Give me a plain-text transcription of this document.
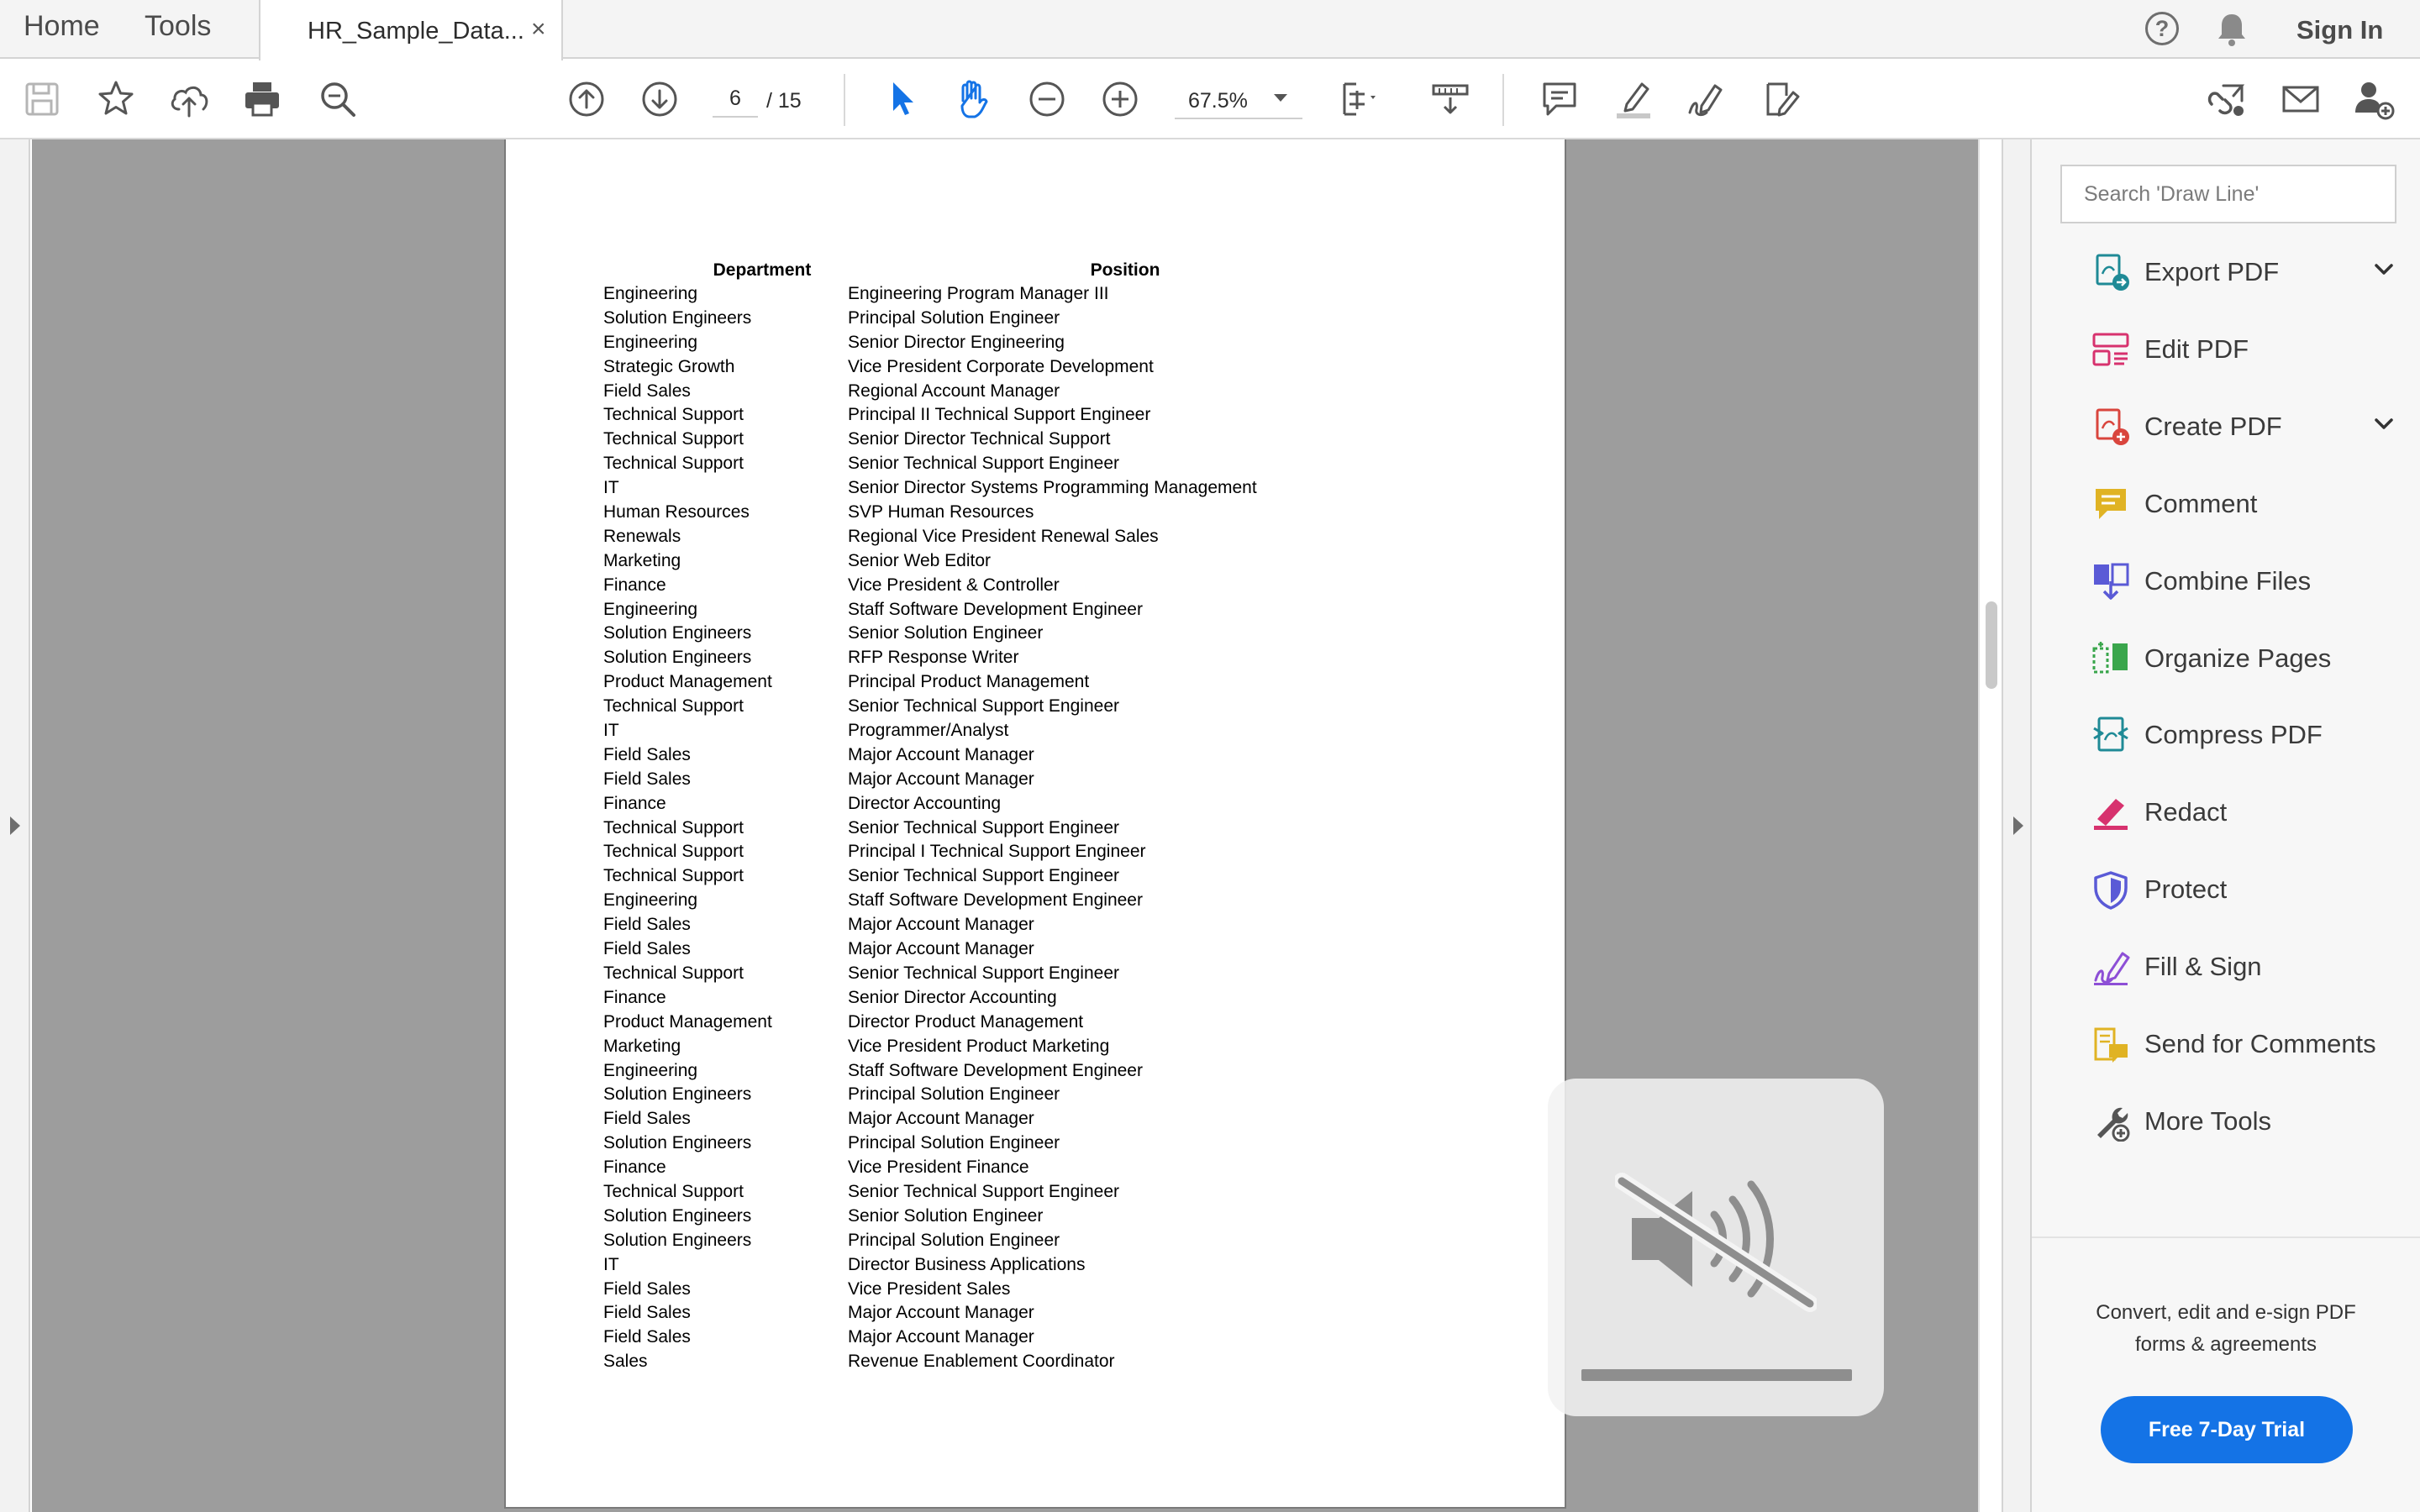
Home Tools	HR_Sample_Data... ×	?	Sign In
6
/ 15	67.5%
Department	Position
Engineering	Engineering Program Manager III
Solution Engineers	Principal Solution Engineer
Engineering	Senior Director Engineering
Strategic Growth	Vice President Corporate Development
Field Sales	Regional Account Manager
Technical Support	Principal II Technical Support Engineer
Technical Support	Senior Director Technical Support
Technical Support	Senior Technical Support Engineer
IT	Senior Director Systems Programming Management
Human Resources	SVP Human Resources
Renewals	Regional Vice President Renewal Sales
Marketing	Senior Web Editor
Finance	Vice President & Controller
Engineering	Staff Software Development Engineer
Solution Engineers	Senior Solution Engineer
Solution Engineers	RFP Response Writer
Product Management	Principal Product Management
Technical Support	Senior Technical Support Engineer
IT	Programmer/Analyst
Field Sales	Major Account Manager
Field Sales	Major Account Manager
Finance	Director Accounting
Technical Support	Senior Technical Support Engineer
Technical Support	Principal I Technical Support Engineer
Technical Support	Senior Technical Support Engineer
Engineering	Staff Software Development Engineer
Field Sales	Major Account Manager
Field Sales	Major Account Manager
Technical Support	Senior Technical Support Engineer
Finance	Senior Director Accounting
Product Management	Director Product Management
Marketing	Vice President Product Marketing
Engineering	Staff Software Development Engineer
Solution Engineers	Principal Solution Engineer
Field Sales	Major Account Manager
Solution Engineers	Principal Solution Engineer
Finance	Vice President Finance
Technical Support	Senior Technical Support Engineer
Solution Engineers	Senior Solution Engineer
Solution Engineers	Principal Solution Engineer
IT	Director Business Applications
Field Sales	Vice President Sales
Field Sales	Major Account Manager
Field Sales	Major Account Manager
Sales	Revenue Enablement Coordinator
Search 'Draw Line'
Export PDF
Edit PDF
Create PDF
Comment
Combine Files
Organize Pages
Compress PDF
Redact
Protect
Fill & Sign
Send for Comments
More Tools
Convert, edit and e-sign PDF forms & agreements
Free 7-Day Trial
